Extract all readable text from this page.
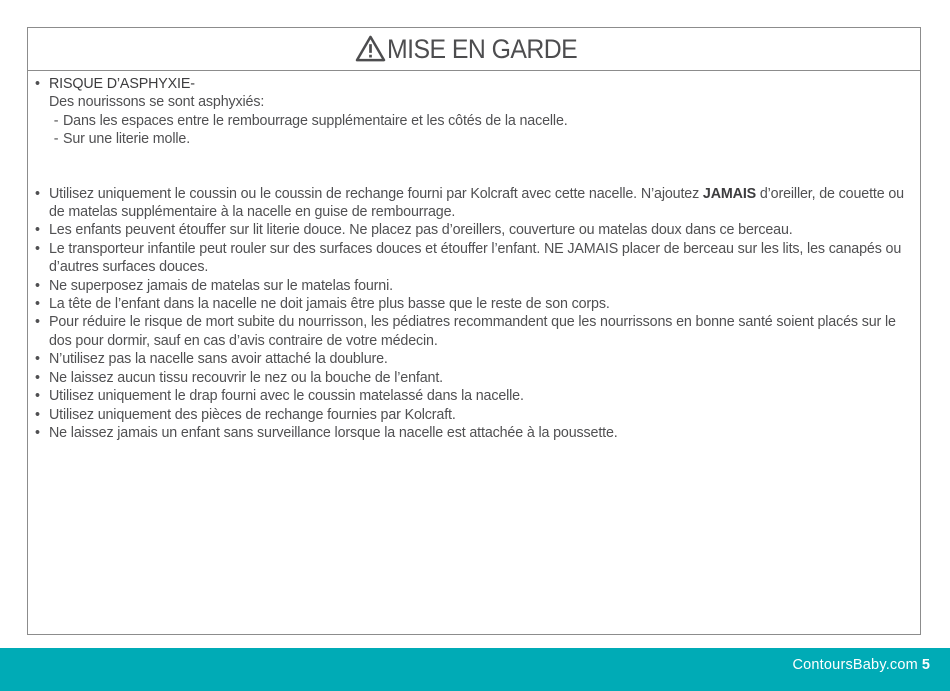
MISE EN GARDE
• RISQUE D’ASPHYXIE-
Des nourissons se sont asphyxiés:
- Dans les espaces entre le rembourrage supplémentaire et les côtés de la nacelle.
- Sur une literie molle.
• Utilisez uniquement le coussin ou le coussin de rechange fourni par Kolcraft avec cette nacelle. N’ajoutez JAMAIS d’oreiller, de couette ou de matelas supplémentaire à la nacelle en guise de rembourrage.
• Les enfants peuvent étouffer sur lit literie douce. Ne placez pas d’oreillers, couverture ou matelas doux dans ce berceau.
• Le transporteur infantile peut rouler sur des surfaces douces et étouffer l’enfant. NE JAMAIS placer de berceau sur les lits, les canapés ou d’autres surfaces douces.
• Ne superposez jamais de matelas sur le matelas fourni.
• La tête de l’enfant dans la nacelle ne doit jamais être plus basse que le reste de son corps.
• Pour réduire le risque de mort subite du nourrisson, les pédiatres recommandent que les nourrissons en bonne santé soient placés sur le dos pour dormir, sauf en cas d’avis contraire de votre médecin.
• N’utilisez pas la nacelle sans avoir attaché la doublure.
• Ne laissez aucun tissu recouvrir le nez ou la bouche de l’enfant.
• Utilisez uniquement le drap fourni avec le coussin matelassé dans la nacelle.
• Utilisez uniquement des pièces de rechange fournies par Kolcraft.
• Ne laissez jamais un enfant sans surveillance lorsque la nacelle est attachée à la poussette.
ContoursBaby.com 5
